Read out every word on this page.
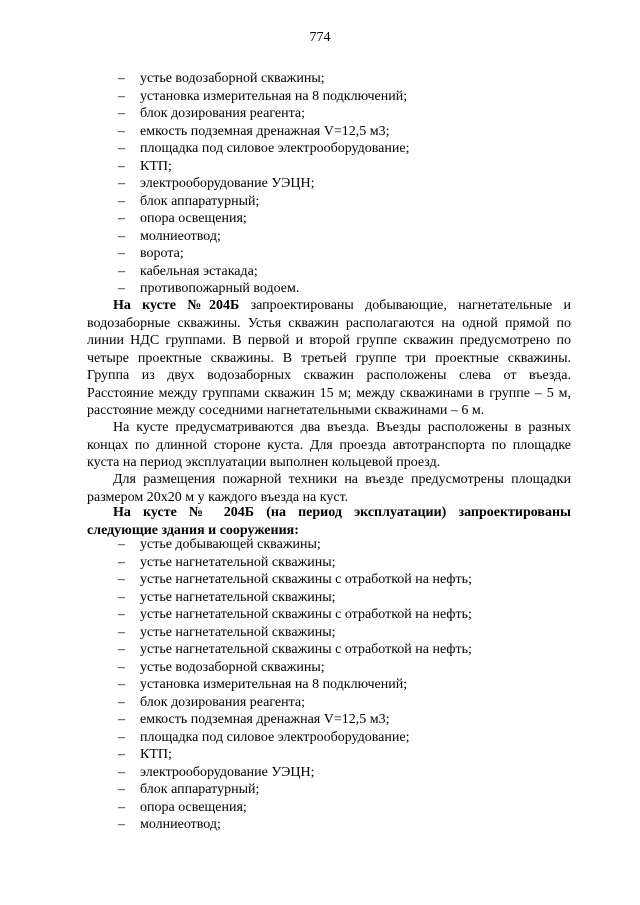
774
– устье водозаборной скважины;
– установка измерительная на 8 подключений;
– блок дозирования реагента;
– емкость подземная дренажная V=12,5 м3;
– площадка под силовое электрооборудование;
– КТП;
– электрооборудование УЭЦН;
– блок аппаратурный;
– опора освещения;
– молниеотвод;
– ворота;
– кабельная эстакада;
– противопожарный водоем.
На кусте №204Б запроектированы добывающие, нагнетательные и
водозаборные скважины. Устья скважин располагаются на одной прямой по
линии НДС группами. В первой и второй группе скважин предусмотрено по
четыре проектные скважины. В третьей группе три проектные скважины.
Группа из двух водозаборных скважин расположены слева от въезда.
Расстояние между группами скважин 15 м; между скважинами в группе – 5 м,
расстояние между соседними нагнетательными скважинами – 6 м.
На кусте предусматриваются два въезда. Въезды расположены в разных
концах по длинной стороне куста. Для проезда автотранспорта по площадке
куста на период эксплуатации выполнен кольцевой проезд.
Для размещения пожарной техники на въезде предусмотрены площадки
размером 20х20 м у каждого въезда на куст.
На кусте № 204Б (на период эксплуатации) запроектированы
следующие здания и сооружения:
– устье добывающей скважины;
– устье нагнетательной скважины;
– устье нагнетательной скважины с отработкой на нефть;
– устье нагнетательной скважины;
– устье нагнетательной скважины с отработкой на нефть;
– устье нагнетательной скважины;
– устье нагнетательной скважины с отработкой на нефть;
– устье водозаборной скважины;
– установка измерительная на 8 подключений;
– блок дозирования реагента;
– емкость подземная дренажная V=12,5 м3;
– площадка под силовое электрооборудование;
– КТП;
– электрооборудование УЭЦН;
– блок аппаратурный;
– опора освещения;
– молниеотвод;
